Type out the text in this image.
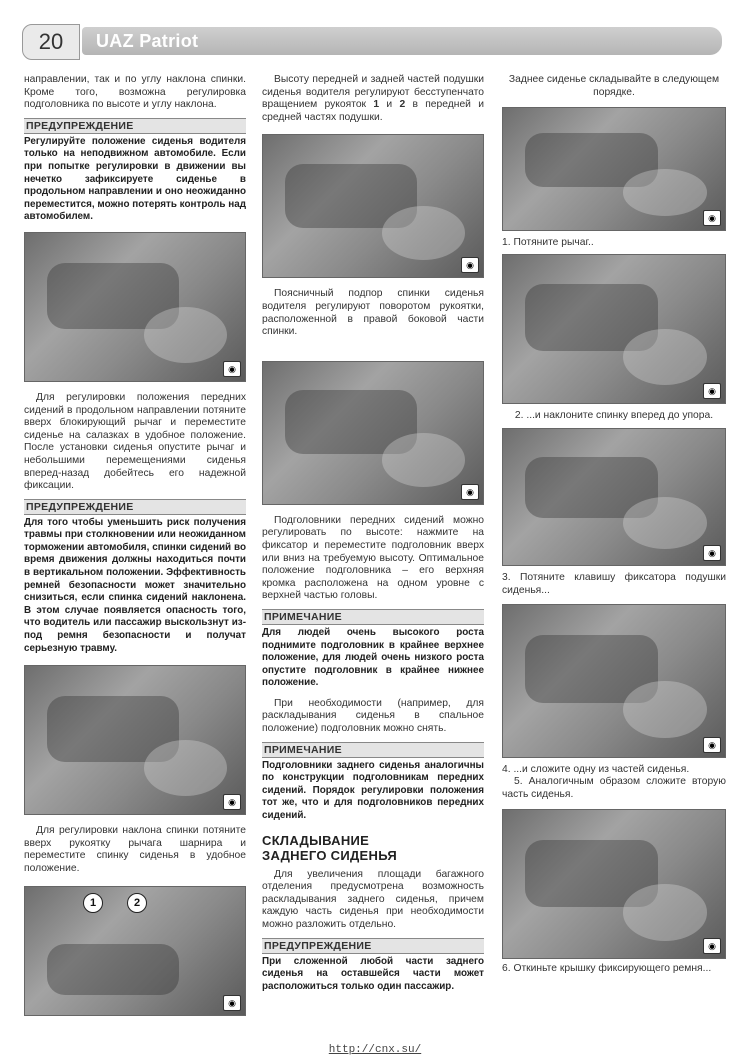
20	UAZ Patriot

направлении, так и по углу наклона спинки. Кроме того, возможна регулировка подголовника по высоте и углу наклона.

ПРЕДУПРЕЖДЕНИЕ

Регулируйте положение сиденья водителя только на неподвижном автомобиле. Если при попытке регулировки в движении вы нечетко зафиксируете сиденье в продольном направлении и оно неожиданно переместится, можно потерять контроль над автомобилем.

◉

Для регулировки положения передних сидений в продольном направлении потяните вверх блокирующий рычаг и переместите сиденье на салазках в удобное положение. После установки сиденья опустите рычаг и небольшими перемещениями сиденья вперед-назад добейтесь его надежной фиксации.

ПРЕДУПРЕЖДЕНИЕ

Для того чтобы уменьшить риск получения травмы при столкновении или неожиданном торможении автомобиля, спинки сидений во время движения должны находиться почти в вертикальном положении. Эффективность ремней безопасности может значительно снизиться, если спинка сидений наклонена. В этом случае появляется опасность того, что водитель или пассажир выскользнут из-под ремня безопасности и получат серьезную травму.

◉

Для регулировки наклона спинки потяните вверх рукоятку рычага шарнира и переместите спинку сиденья в удобное положение.

1	2
◉

Высоту передней и задней частей подушки сиденья водителя регулируют бесступенчато вращением рукояток 1 и 2 в передней и средней частях подушки.

◉

Поясничный подпор спинки сиденья водителя регулируют поворотом рукоятки, расположенной в правой боковой части спинки.

◉

Подголовники передних сидений можно регулировать по высоте: нажмите на фиксатор и переместите подголовник вверх или вниз на требуемую высоту. Оптимальное положение подголовника – его верхняя кромка расположена на одном уровне с верхней частью головы.

ПРИМЕЧАНИЕ

Для людей очень высокого роста поднимите подголовник в крайнее верхнее положение, для людей очень низкого роста опустите подголовник в крайнее нижнее положение.

При необходимости (например, для раскладывания сиденья в спальное положение) подголовник можно снять.

ПРИМЕЧАНИЕ

Подголовники заднего сиденья аналогичны по конструкции подголовникам передних сидений. Порядок регулировки положения тот же, что и для подголовников передних сидений.

СКЛАДЫВАНИЕ
ЗАДНЕГО СИДЕНЬЯ

Для увеличения площади багажного отделения предусмотрена возможность раскладывания заднего сиденья, причем каждую часть сиденья при необходимости можно разложить отдельно.

ПРЕДУПРЕЖДЕНИЕ

При сложенной любой части заднего сиденья на оставшейся части может расположиться только один пассажир.

Заднее сиденье складывайте в следующем порядке.

◉

1. Потяните рычаг..

◉

2. ...и наклоните спинку вперед до упора.

◉

3. Потяните клавишу фиксатора подушки сиденья...

◉

4. ...и сложите одну из частей сиденья.

5. Аналогичным образом сложите вторую часть сиденья.

◉

6. Откиньте крышку фиксирующего ремня...

http://cnx.su/
